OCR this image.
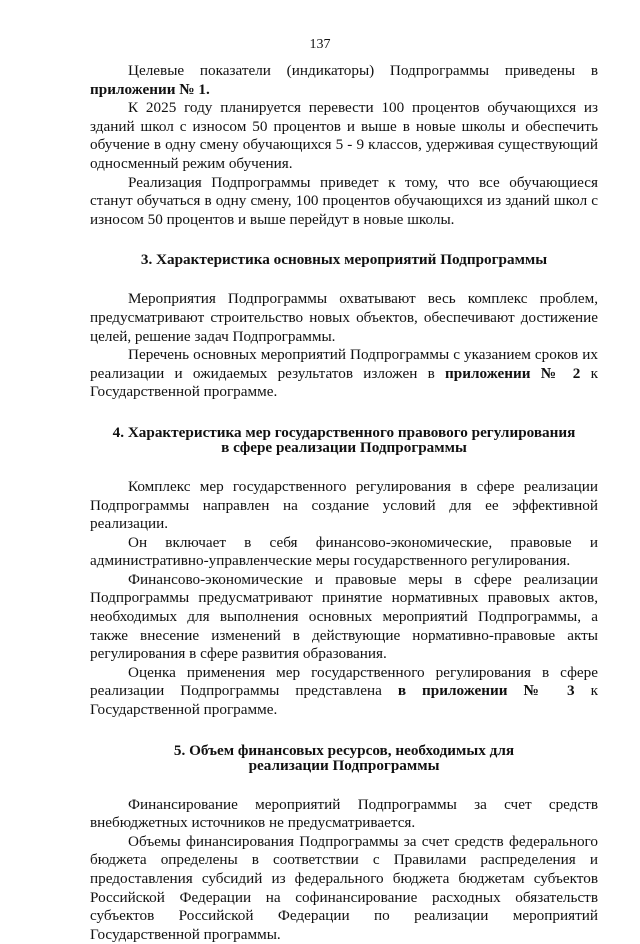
137

Целевые показатели (индикаторы) Подпрограммы приведены в приложении № 1.

К 2025 году планируется перевести 100 процентов обучающихся из зданий школ с износом 50 процентов и выше в новые школы и обеспечить обучение в одну смену обучающихся 5 - 9 классов, удерживая существующий односменный режим обучения.

Реализация Подпрограммы приведет к тому, что все обучающиеся станут обучаться в одну смену, 100 процентов обучающихся из зданий школ с износом 50 процентов и выше перейдут в новые школы.

3. Характеристика основных мероприятий Подпрограммы

Мероприятия Подпрограммы охватывают весь комплекс проблем, предусматривают строительство новых объектов, обеспечивают достижение целей, решение задач Подпрограммы.

Перечень основных мероприятий Подпрограммы с указанием сроков их реализации и ожидаемых результатов изложен в приложении № 2 к Государственной программе.

4. Характеристика мер государственного правового регулирования
в сфере реализации Подпрограммы

Комплекс мер государственного регулирования в сфере реализации Подпрограммы направлен на создание условий для ее эффективной реализации.

Он включает в себя финансово-экономические, правовые и административно-управленческие меры государственного регулирования.

Финансово-экономические и правовые меры в сфере реализации Подпрограммы предусматривают принятие нормативных правовых актов, необходимых для выполнения основных мероприятий Подпрограммы, а также внесение изменений в действующие нормативно-правовые акты регулирования в сфере развития образования.

Оценка применения мер государственного регулирования в сфере реализации Подпрограммы представлена в приложении № 3 к Государственной программе.

5. Объем финансовых ресурсов, необходимых для
реализации Подпрограммы

Финансирование мероприятий Подпрограммы за счет средств внебюджетных источников не предусматривается.

Объемы финансирования Подпрограммы за счет средств федерального бюджета определены в соответствии с Правилами распределения и предоставления субсидий из федерального бюджета бюджетам субъектов Российской Федерации на софинансирование расходных обязательств субъектов Российской Федерации по реализации мероприятий Государственной программы.
